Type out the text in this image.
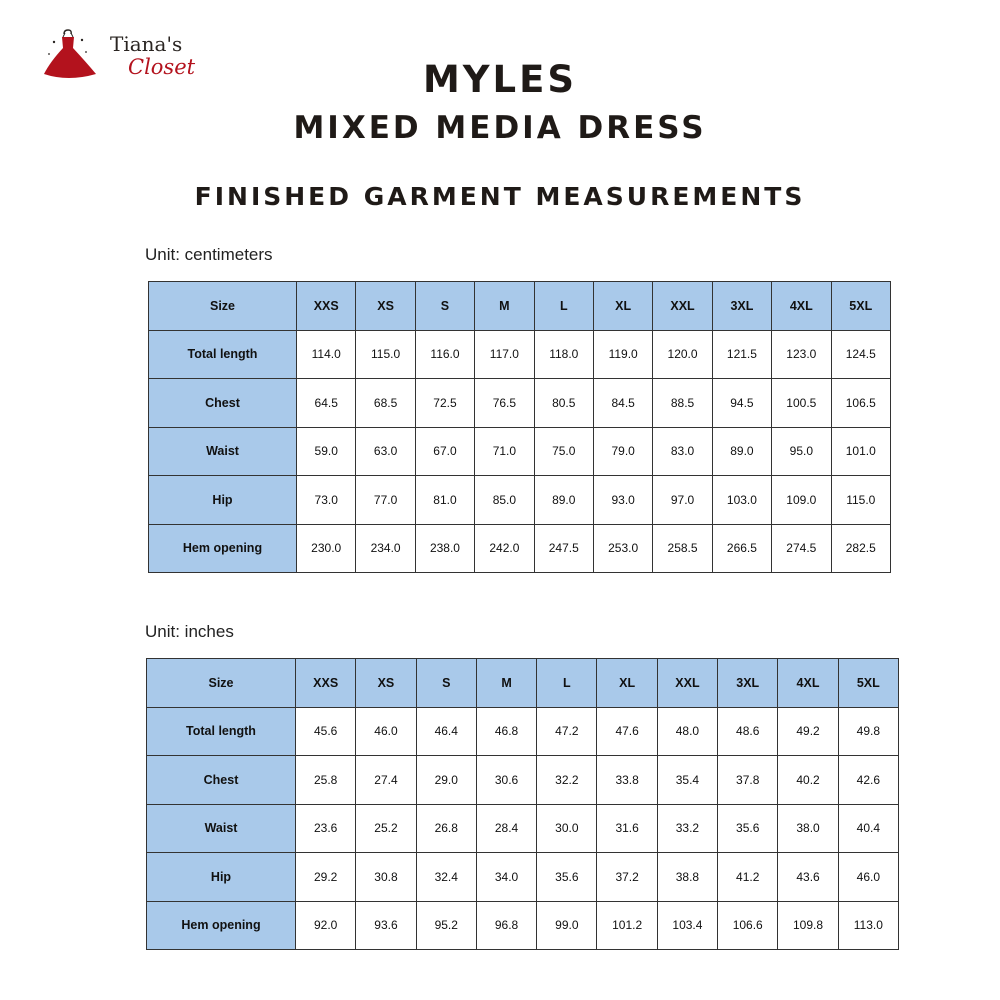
Tiana's
Closet	MYLES
MIXED MEDIA DRESS
FINISHED GARMENT MEASUREMENTS
Unit: centimeters
Size	XXS	XS	S	M	L	XL	XXL	3XL	4XL	5XL
Total length	114.0	115.0	116.0	117.0	118.0	119.0	120.0	121.5	123.0	124.5
Chest	64.5	68.5	72.5	76.5	80.5	84.5	88.5	94.5	100.5	106.5
Waist	59.0	63.0	67.0	71.0	75.0	79.0	83.0	89.0	95.0	101.0
Hip	73.0	77.0	81.0	85.0	89.0	93.0	97.0	103.0	109.0	115.0
Hem opening	230.0	234.0	238.0	242.0	247.5	253.0	258.5	266.5	274.5	282.5
Unit: inches
Size	XXS	XS	S	M	L	XL	XXL	3XL	4XL	5XL
Total length	45.6	46.0	46.4	46.8	47.2	47.6	48.0	48.6	49.2	49.8
Chest	25.8	27.4	29.0	30.6	32.2	33.8	35.4	37.8	40.2	42.6
Waist	23.6	25.2	26.8	28.4	30.0	31.6	33.2	35.6	38.0	40.4
Hip	29.2	30.8	32.4	34.0	35.6	37.2	38.8	41.2	43.6	46.0
Hem opening	92.0	93.6	95.2	96.8	99.0	101.2	103.4	106.6	109.8	113.0
